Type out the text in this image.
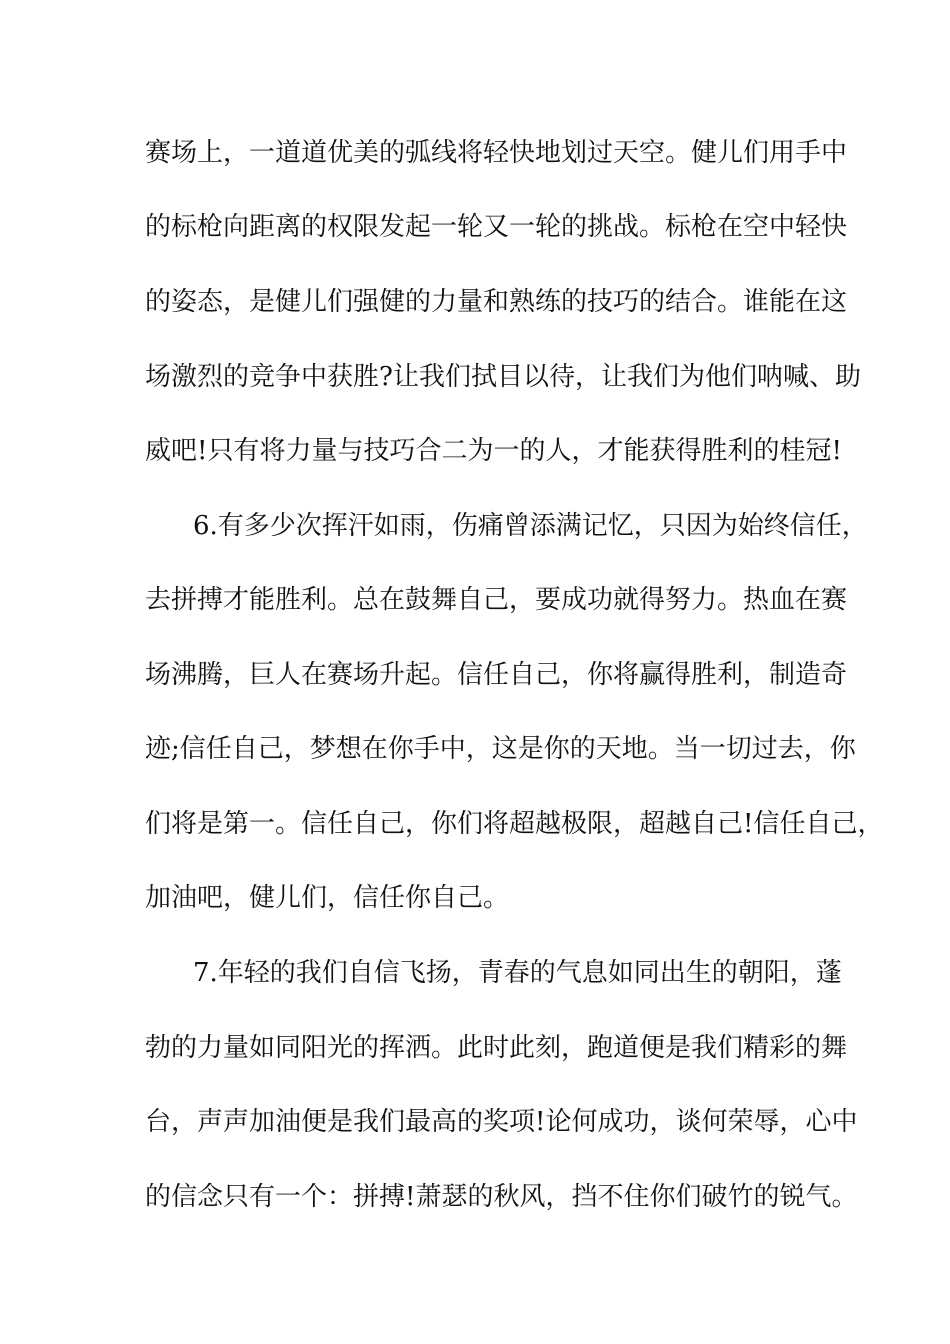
赛场上，一道道优美的弧线将轻快地划过天空。健儿们用手中
的标枪向距离的权限发起一轮又一轮的挑战。标枪在空中轻快
的姿态，是健儿们强健的力量和熟练的技巧的结合。谁能在这
场激烈的竞争中获胜?让我们拭目以待，让我们为他们呐喊、助
威吧!只有将力量与技巧合二为一的人，才能获得胜利的桂冠!
6.有多少次挥汗如雨，伤痛曾添满记忆，只因为始终信任，
去拼搏才能胜利。总在鼓舞自己，要成功就得努力。热血在赛
场沸腾，巨人在赛场升起。信任自己，你将赢得胜利，制造奇
迹;信任自己，梦想在你手中，这是你的天地。当一切过去，你
们将是第一。信任自己，你们将超越极限，超越自己!信任自己，
加油吧，健儿们，信任你自己。
7.年轻的我们自信飞扬，青春的气息如同出生的朝阳，蓬
勃的力量如同阳光的挥洒。此时此刻，跑道便是我们精彩的舞
台，声声加油便是我们最高的奖项!论何成功，谈何荣辱，心中
的信念只有一个：拼搏!萧瑟的秋风，挡不住你们破竹的锐气。
